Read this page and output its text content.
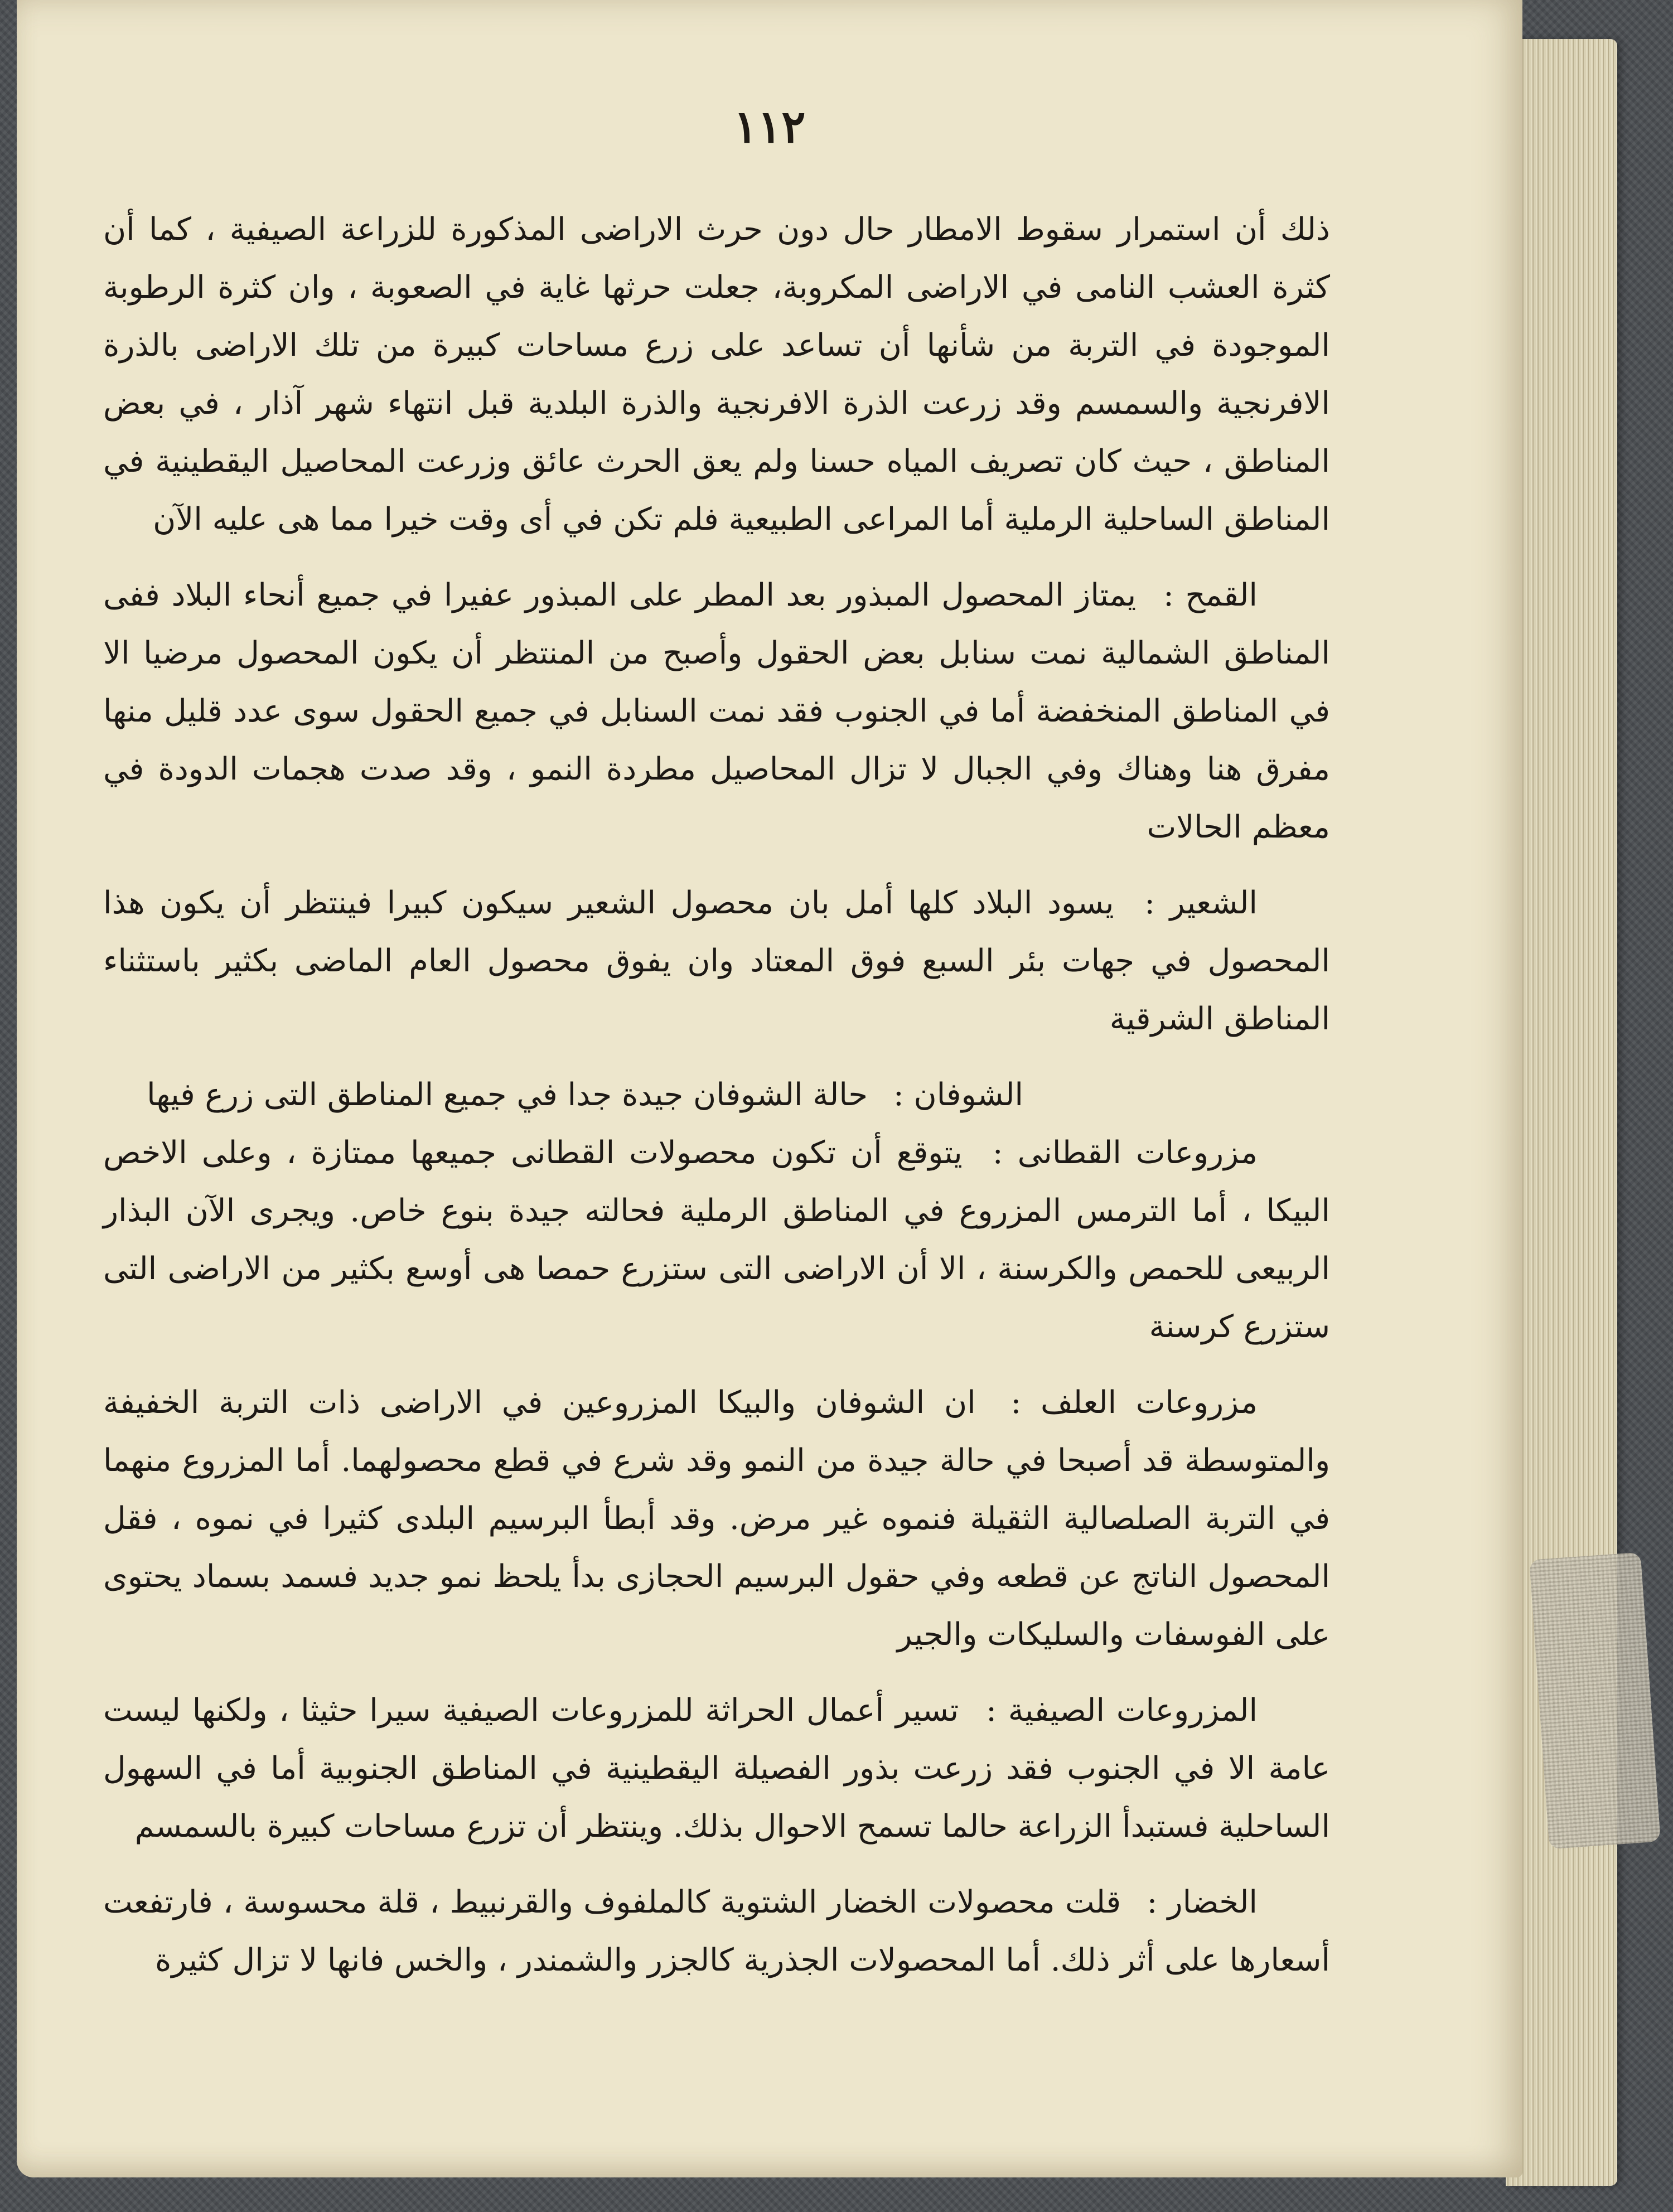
١١٢

ذلك أن استمرار سقوط الامطار حال دون حرث الاراضى المذكورة للزراعة الصيفية ، كما أن كثرة العشب النامى في الاراضى المكروبة، جعلت حرثها غاية في الصعوبة ، وان كثرة الرطوبة الموجودة في التربة من شأنها أن تساعد على زرع مساحات كبيرة من تلك الاراضى بالذرة الافرنجية والسمسم وقد زرعت الذرة الافرنجية والذرة البلدية قبل انتهاء شهر آذار ، في بعض المناطق ، حيث كان تصريف المياه حسنا ولم يعق الحرث عائق وزرعت المحاصيل اليقطينية في المناطق الساحلية الرملية أما المراعى الطبيعية فلم تكن في أى وقت خيرا مما هى عليه الآن

القمح : يمتاز المحصول المبذور بعد المطر على المبذور عفيرا في جميع أنحاء البلاد ففى المناطق الشمالية نمت سنابل بعض الحقول وأصبح من المنتظر أن يكون المحصول مرضيا الا في المناطق المنخفضة أما في الجنوب فقد نمت السنابل في جميع الحقول سوى عدد قليل منها مفرق هنا وهناك وفي الجبال لا تزال المحاصيل مطردة النمو ، وقد صدت هجمات الدودة في معظم الحالات

الشعير : يسود البلاد كلها أمل بان محصول الشعير سيكون كبيرا فينتظر أن يكون هذا المحصول في جهات بئر السبع فوق المعتاد وان يفوق محصول العام الماضى بكثير باستثناء المناطق الشرقية

الشوفان : حالة الشوفان جيدة جدا في جميع المناطق التى زرع فيها

مزروعات القطانى : يتوقع أن تكون محصولات القطانى جميعها ممتازة ، وعلى الاخص البيكا ، أما الترمس المزروع في المناطق الرملية فحالته جيدة بنوع خاص. ويجرى الآن البذار الربيعى للحمص والكرسنة ، الا أن الاراضى التى ستزرع حمصا هى أوسع بكثير من الاراضى التى ستزرع كرسنة

مزروعات العلف : ان الشوفان والبيكا المزروعين في الاراضى ذات التربة الخفيفة والمتوسطة قد أصبحا في حالة جيدة من النمو وقد شرع في قطع محصولهما. أما المزروع منهما في التربة الصلصالية الثقيلة فنموه غير مرض. وقد أبطأ البرسيم البلدى كثيرا في نموه ، فقل المحصول الناتج عن قطعه وفي حقول البرسيم الحجازى بدأ يلحظ نمو جديد فسمد بسماد يحتوى على الفوسفات والسليكات والجير

المزروعات الصيفية : تسير أعمال الحراثة للمزروعات الصيفية سيرا حثيثا ، ولكنها ليست عامة الا في الجنوب فقد زرعت بذور الفصيلة اليقطينية في المناطق الجنوبية أما في السهول الساحلية فستبدأ الزراعة حالما تسمح الاحوال بذلك. وينتظر أن تزرع مساحات كبيرة بالسمسم

الخضار : قلت محصولات الخضار الشتوية كالملفوف والقرنبيط ، قلة محسوسة ، فارتفعت أسعارها على أثر ذلك. أما المحصولات الجذرية كالجزر والشمندر ، والخس فانها لا تزال كثيرة
